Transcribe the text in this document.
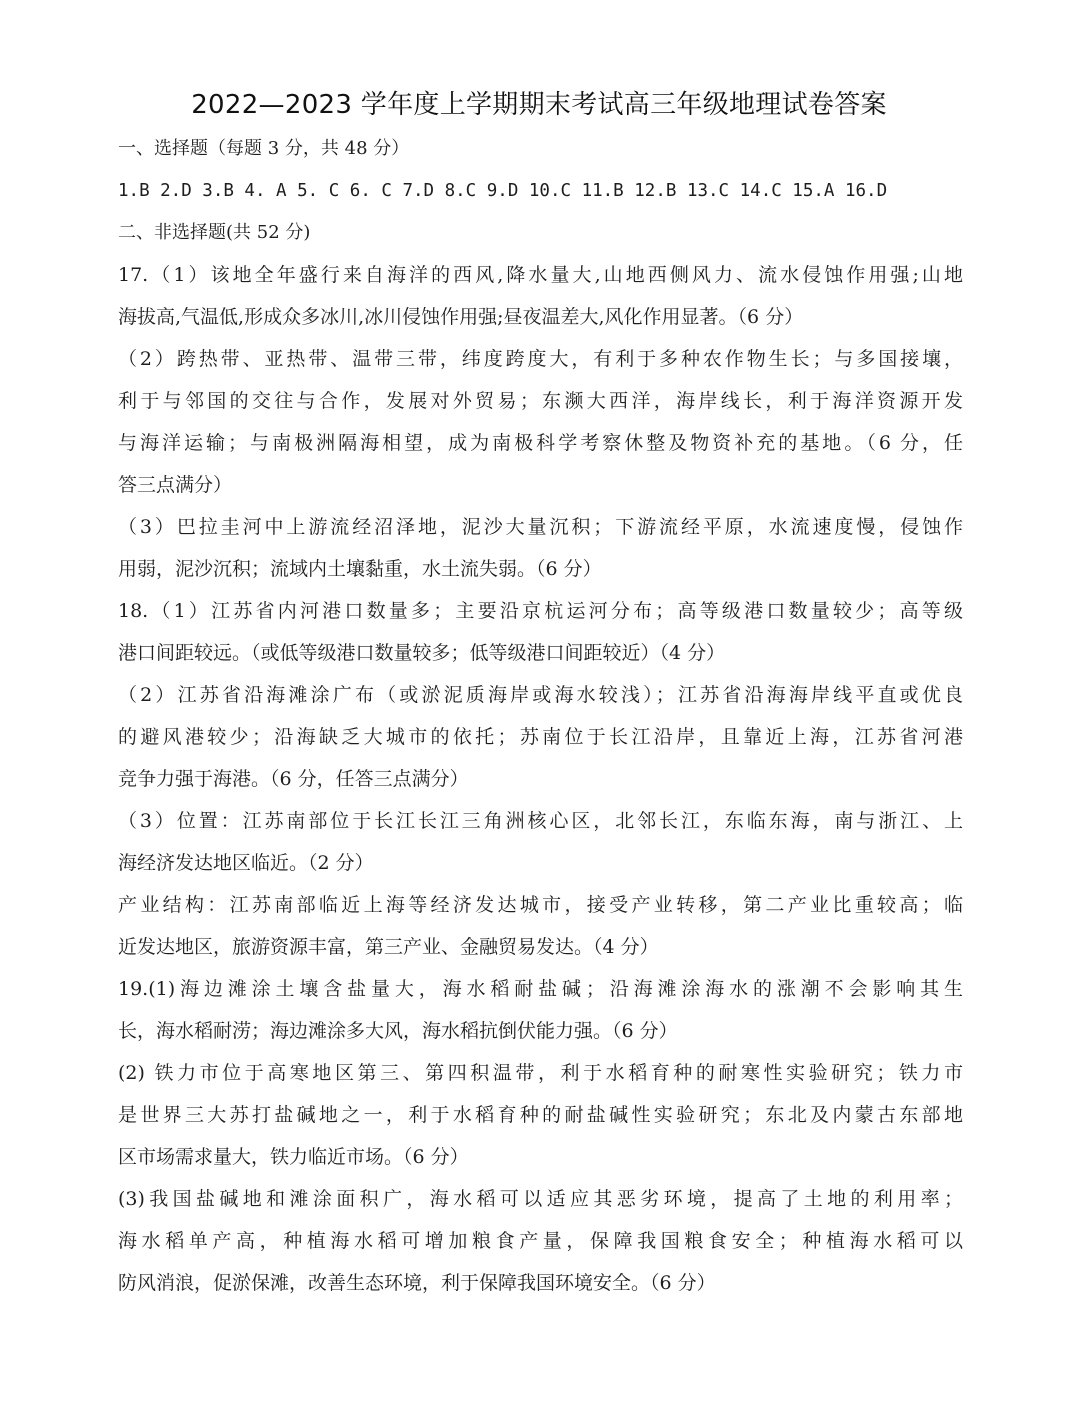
2022—2023 学年度上学期期末考试高三年级地理试卷答案
一、选择题（每题 3 分，共 48 分）
1.B 2.D 3.B 4. A 5. C 6. C 7.D 8.C 9.D 10.C 11.B 12.B 13.C 14.C 15.A 16.D
二、非选择题(共 52 分)
17.（1）该地全年盛行来自海洋的西风,降水量大,山地西侧风力、流水侵蚀作用强;山地
海拔高,气温低,形成众多冰川,冰川侵蚀作用强;昼夜温差大,风化作用显著。（6 分）
（2）跨热带、亚热带、温带三带，纬度跨度大，有利于多种农作物生长；与多国接壤，
利于与邻国的交往与合作，发展对外贸易；东濒大西洋，海岸线长，利于海洋资源开发
与海洋运输；与南极洲隔海相望，成为南极科学考察休整及物资补充的基地。（6 分，任
答三点满分）
（3）巴拉圭河中上游流经沼泽地，泥沙大量沉积；下游流经平原，水流速度慢，侵蚀作
用弱，泥沙沉积；流域内土壤黏重，水土流失弱。（6 分）
18.（1）江苏省内河港口数量多；主要沿京杭运河分布；高等级港口数量较少；高等级
港口间距较远。（或低等级港口数量较多；低等级港口间距较近）（4 分）
（2）江苏省沿海滩涂广布（或淤泥质海岸或海水较浅）；江苏省沿海海岸线平直或优良
的避风港较少；沿海缺乏大城市的依托；苏南位于长江沿岸，且靠近上海，江苏省河港
竞争力强于海港。（6 分，任答三点满分）
（3）位置：江苏南部位于长江长江三角洲核心区，北邻长江，东临东海，南与浙江、上
海经济发达地区临近。（2 分）
产业结构：江苏南部临近上海等经济发达城市，接受产业转移，第二产业比重较高；临
近发达地区，旅游资源丰富，第三产业、金融贸易发达。（4 分）
19.(1)海边滩涂土壤含盐量大，海水稻耐盐碱；沿海滩涂海水的涨潮不会影响其生
长，海水稻耐涝；海边滩涂多大风，海水稻抗倒伏能力强。（6 分）
(2) 铁力市位于高寒地区第三、第四积温带，利于水稻育种的耐寒性实验研究；铁力市
是世界三大苏打盐碱地之一，利于水稻育种的耐盐碱性实验研究；东北及内蒙古东部地
区市场需求量大，铁力临近市场。（6 分）
(3)我国盐碱地和滩涂面积广，海水稻可以适应其恶劣环境，提高了土地的利用率；
海水稻单产高，种植海水稻可增加粮食产量，保障我国粮食安全；种植海水稻可以
防风消浪，促淤保滩，改善生态环境，利于保障我国环境安全。（6 分）
